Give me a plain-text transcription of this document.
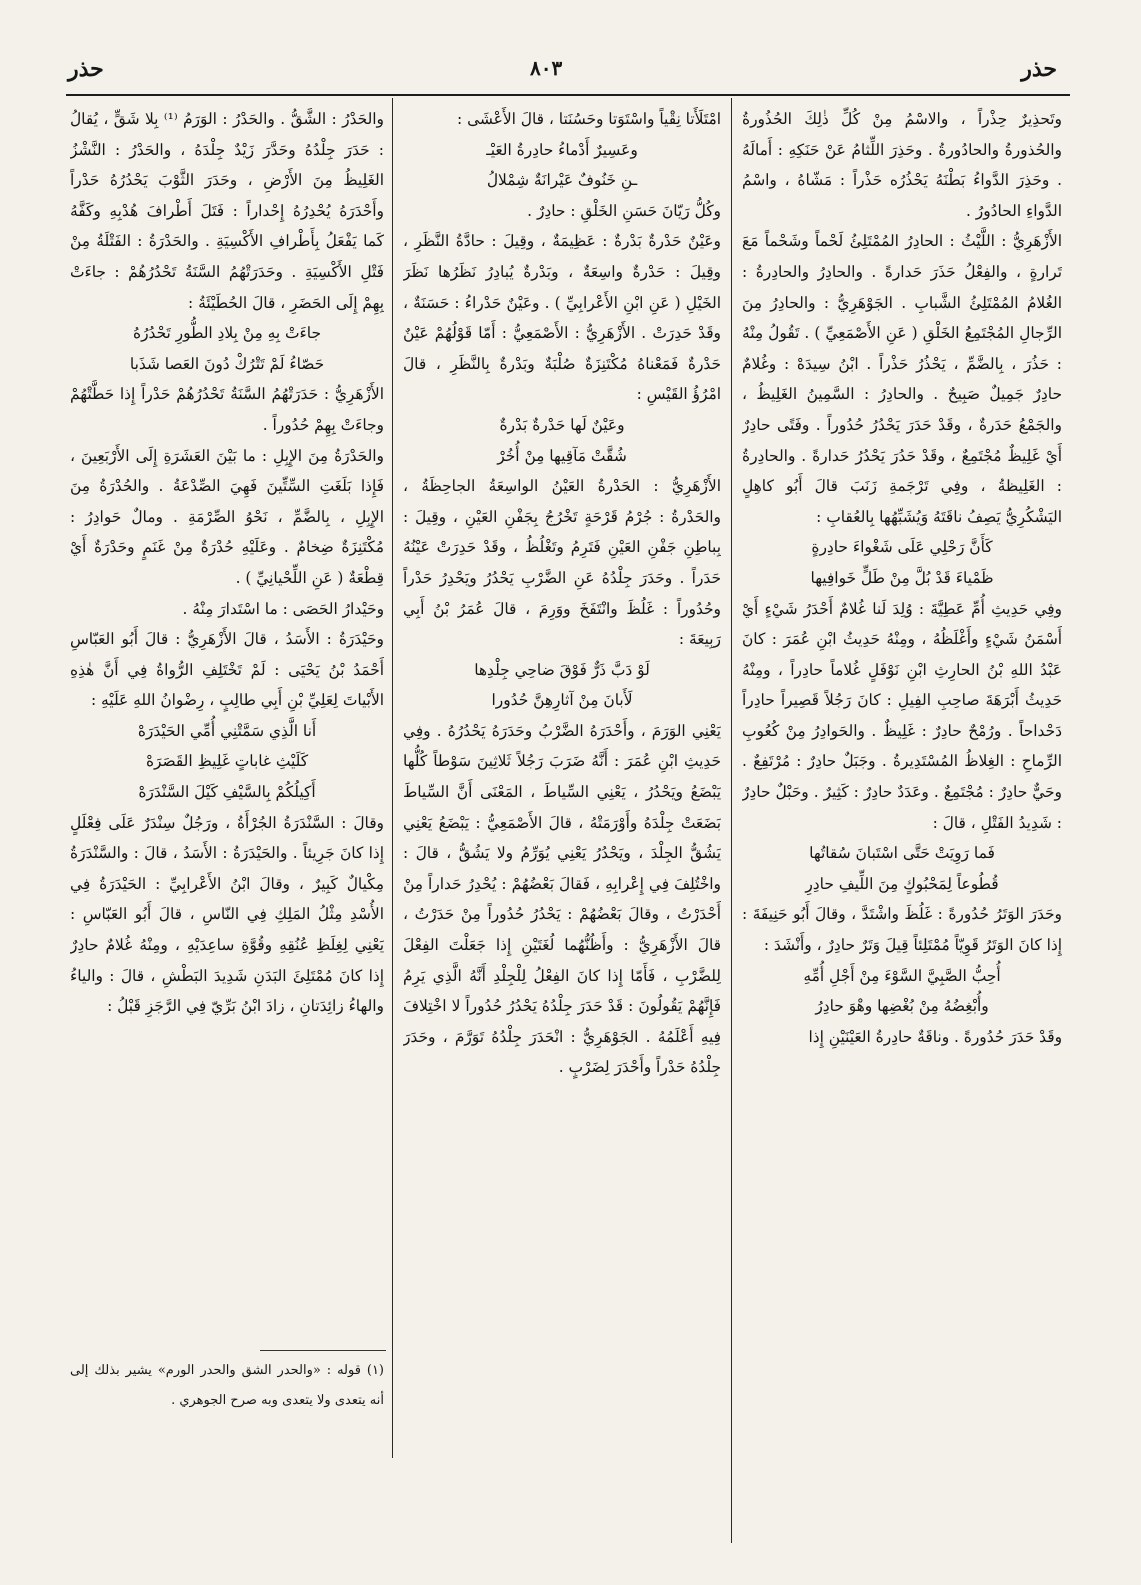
حذر
٨٠٣
حذر

وتَحذِيرٌ حِذْراً ، والاسْمُ مِنْ كُلِّ ذٰلِكَ الحُذُورةُ والحُذورةُ والحادُورةُ . وحَذِرَ اللِّثامُ عَنْ حَنَكِهِ : أَمالَهُ . وحَذِرَ الدَّواءُ بَطْنَهُ يَحْذُرُه حَذْراً : مَشّاهُ ، واسْمُ الدَّواءِ الحادُورُ .

الأَزْهَرِيُّ : اللَّيْثُ : الحادِرُ المُمْتَلِئُ لَحْماً وشَحْماً مَعَ تَرارةٍ ، والفِعْلُ حَذَرَ حَدارةً . والحادِرُ والحادِرةُ : الغُلامُ المُمْتَلِئُ الشَّبابِ . الجَوْهَرِيُّ : والحادِرُ مِنَ الرِّجالِ المُجْتَمِعُ الخَلْقِ ( عَنِ الأَصْمَعِيِّ ) . تَقُولُ مِنْهُ : حَذُرَ ، بِالضَّمِّ ، يَحْذُرُ حَذْراً . ابْنُ سِيدَهْ : وغُلامٌ حادِرٌ جَمِيلٌ صَبِيحٌ . والحادِرُ : السَّمِينُ الغَلِيظُ ، والجَمْعُ حَدَرةٌ ، وقَدْ حَدَرَ يَحْدُرُ حُدُوراً . وفَتًى حادِرٌ أَيْ غَلِيظٌ مُجْتَمِعٌ ، وقَدْ حَدُرَ يَحْدُرُ حَدارةً . والحادِرةُ : الغَلِيظةُ ، وفِي تَرْجَمةِ زَنَبَ قالَ أَبُو كاهِلٍ اليَشْكُرِيُّ يَصِفُ ناقَتَهُ وَيُشَبِّهُها بِالعُقابِ :

كَأَنَّ رَحْلِي عَلَى شَغْواءَ حادِرةٍ

ظَمْياءَ قَدْ بُلَّ مِنْ طَلٍّ خَوافِيها

وفِي حَدِيثِ أُمِّ عَطِيَّةَ : وُلِدَ لَنا غُلامٌ أَحْدَرُ شَيْءٍ أَيْ أَسْمَنُ شَيْءٍ وأَغْلَظُهُ ، ومِنْهُ حَدِيثُ ابْنِ عُمَرَ : كانَ عَبْدُ اللهِ بْنُ الحارِثِ ابْنِ نَوْفَلٍ غُلاماً حادِراً ، ومِنْهُ حَدِيثُ أَبْرَهَةَ صاحِبِ الفِيلِ : كانَ رَجُلاً قَصِيراً حادِراً دَحْداحاً . ورُمْحٌ حادِرٌ : غَلِيظٌ . والحَوادِرُ مِنْ كُعُوبِ الرِّماحِ : الغِلاظُ المُسْتَدِيرةُ . وجَبَلٌ حادِرٌ : مُرْتَفِعٌ . وحَيٌّ حادِرٌ : مُجْتَمِعٌ . وعَدَدٌ حادِرٌ : كَثِيرٌ . وحَبْلٌ حادِرٌ : شَدِيدُ الفَتْلِ ، قالَ :

فَما رَوِيَتْ حَتَّى اسْتَبانَ سُقاتُها

قُطُوعاً لِمَحْبُوكٍ مِنَ اللِّيفِ حادِرِ

وحَدَرَ الوَتَرُ حُدُورةً : غَلُظَ واشْتَدَّ ، وقالَ أَبُو حَنِيفَةَ : إِذا كانَ الوَتَرُ قَوِيّاً مُمْتَلِئاً قِيلَ وَتَرٌ حادِرٌ ، وأَنْشَدَ :

أُحِبُّ الصَّبِيَّ السَّوْءَ مِنْ أَجْلِ أُمِّهِ

وأُبْغِضُهُ مِنْ بُغْضِها وهْوَ حادِرُ

وقَدْ حَدَرَ حُدُورةً . وناقَةٌ حادِرةُ العَيْنَيْنِ إِذا

امْتَلَأَتا نِقْياً واسْتَوَتا وحَسُنَتا ، قالَ الأَعْشَى :

وعَسِيرٌ أَدْماءُ حادِرةُ العَيْـ

ـنِ خَنُوفٌ عَيْرانَةٌ شِمْلالُ

وكُلُّ رَيّانَ حَسَنِ الخَلْقِ : حادِرٌ .

وعَيْنٌ حَدْرةٌ بَدْرةٌ : عَظِيمَةٌ ، وقِيلَ : حادَّةُ النَّظَرِ ، وقِيلَ : حَدْرةٌ واسِعَةٌ ، وبَدْرةٌ يُبادِرُ نَظَرُها نَظَرَ الخَيْلِ ( عَنِ ابْنِ الأَعْرابِيِّ ) . وعَيْنٌ حَدْراءُ : حَسَنَةٌ ، وقَدْ حَدِرَتْ . الأَزْهَرِيُّ : الأَصْمَعِيُّ : أَمّا قَوْلُهُمْ عَيْنٌ حَدْرةٌ فَمَعْناهُ مُكْتَنِزَةٌ صُلْبَةٌ وبَدْرةٌ بِالنَّظَرِ ، قالَ امْرُؤُ القَيْسِ :

وعَيْنٌ لَها حَدْرةٌ بَدْرةٌ

شُقَّتْ مَآقِيها مِنْ أُخُرْ

الأَزْهَرِيُّ : الحَدْرةُ العَيْنُ الواسِعَةُ الجاحِظَةُ ، والحَدْرةُ : جُرْمُ قَرْحَةٍ تَخْرُجُ بِجَفْنِ العَيْنِ ، وقِيلَ : بِباطِنِ جَفْنِ العَيْنِ فَتَرِمُ وتَغْلُظُ ، وقَدْ حَدِرَتْ عَيْنُهُ حَدَراً . وحَدَرَ جِلْدُهُ عَنِ الضَّرْبِ يَحْدُرُ ويَحْدِرُ حَدْراً وحُدُوراً : غَلُظَ وانْتَفَخَ ووَرِمَ ، قالَ عُمَرُ بْنُ أَبِي رَبِيعَةَ :

لَوْ دَبَّ ذَرٌّ فَوْقَ ضاحِي جِلْدِها

لَأَبانَ مِنْ آثارِهِنَّ حُدُورا

يَعْنِي الوَرَمَ ، وأَحْدَرَهُ الضَّرْبُ وحَدَرَهُ يَحْدُرُهُ . وفِي حَدِيثِ ابْنِ عُمَرَ : أَنَّهُ ضَرَبَ رَجُلاً ثَلاثِينَ سَوْطاً كُلُّها يَبْضَعُ ويَحْدُرُ ، يَعْنِي السِّياطَ ، المَعْنَى أَنَّ السِّياطَ بَضَعَتْ جِلْدَهُ وأَوْرَمَتْهُ ، قالَ الأَصْمَعِيُّ : يَبْضَعُ يَعْنِي يَشُقُّ الجِلْدَ ، ويَحْدُرُ يَعْنِي يُوَرِّمُ ولا يَشُقُّ ، قالَ : واخْتُلِفَ فِي إِعْرابِهِ ، فَقالَ بَعْضُهُمْ : يُحْدِرُ حَداراً مِنْ أَحْدَرْتُ ، وقالَ بَعْضُهُمْ : يَحْدُرُ حُدُوراً مِنْ حَدَرْتُ ، قالَ الأَزْهَرِيُّ : وأَظُنُّهُما لُغَتَيْنِ إِذا جَعَلْتَ الفِعْلَ لِلضَّرْبِ ، فَأَمّا إِذا كانَ الفِعْلُ لِلْجِلْدِ أَنَّهُ الَّذِي يَرِمُ فَإِنَّهُمْ يَقُولُونَ : قَدْ حَدَرَ جِلْدُهُ يَحْدُرُ حُدُوراً لا اخْتِلافَ فِيهِ أَعْلَمُهُ . الجَوْهَرِيُّ : انْحَدَرَ جِلْدُهُ تَوَرَّمَ ، وحَدَرَ جِلْدُهُ حَدْراً وأَحْدَرَ لِضَرْبٍ .

والحَدْرُ : الشَّقُّ . والحَدْرُ : الوَرَمُ ⁽¹⁾ بِلا شَقٍّ ، يُقالُ : حَدَرَ جِلْدُهُ وحَدَّرَ زَيْدٌ جِلْدَهُ ، والحَدْرُ : النَّشْزُ الغَلِيظُ مِنَ الأَرْضِ ، وحَدَرَ الثَّوْبَ يَحْدُرُهُ حَدْراً وأَحْدَرَهُ يُحْدِرُهُ إِحْداراً : فَتَلَ أَطْرافَ هُدْبِهِ وكَفَّهُ كَما يَفْعَلُ بِأَطْرافِ الأَكْسِيَةِ . والحَدْرَةُ : الفَتْلَةُ مِنْ فَتْلِ الأَكْسِيَةِ . وحَدَرَتْهُمُ السَّنَةُ تَحْدُرُهُمْ : جاءَتْ بِهِمْ إِلَى الحَضَرِ ، قالَ الحُطَيْئَةُ :

جاءَتْ بِهِ مِنْ بِلادِ الطُّورِ تَحْدُرُهُ

حَصّاءُ لَمْ تَتْرُكْ دُونَ العَصا شَذَبا

الأَزْهَرِيُّ : حَدَرَتْهُمُ السَّنَةُ تَحْدُرُهُمْ حَدْراً إِذا حَطَّتْهُمْ وجاءَتْ بِهِمْ حُدُوراً .

والحَدْرَةُ مِنَ الإِبِلِ : ما بَيْنَ العَشَرَةِ إِلَى الأَرْبَعِينَ ، فَإِذا بَلَغَتِ السِّتِّينَ فَهِيَ الصِّدْعَةُ . والحُدْرَةُ مِنَ الإِبِلِ ، بِالضَّمِّ ، نَحْوُ الصِّرْمَةِ . ومالٌ حَوادِرُ : مُكْتَنِزَةٌ ضِخامٌ . وعَلَيْهِ حُدْرَةٌ مِنْ غَنَمٍ وحَدْرَةٌ أَيْ قِطْعَةٌ ( عَنِ اللِّحْيانِيِّ ) .

وحَيْدارُ الحَصَى : ما اسْتَدارَ مِنْهُ .

وحَيْدَرَةُ : الأَسَدُ ، قالَ الأَزْهَرِيُّ : قالَ أَبُو العَبّاسِ أَحْمَدُ بْنُ يَحْيَى : لَمْ تَخْتَلِفِ الرُّواةُ فِي أَنَّ هٰذِهِ الأَبْياتَ لِعَلِيِّ بْنِ أَبِي طالِبٍ ، رِضْوانُ اللهِ عَلَيْهِ :

أَنا الَّذِي سَمَّتْنِي أُمِّي الحَيْدَرَهْ

كَلَيْثِ غاباتٍ غَلِيظِ القَصَرَهْ

أَكِيلُكُمْ بِالسَّيْفِ كَيْلَ السَّنْدَرَهْ

وقالَ : السَّنْدَرَةُ الجُرْأَةُ ، ورَجُلٌ سِنْدَرٌ عَلَى فِعْلَلٍ إِذا كانَ جَرِيئاً . والحَيْدَرَةُ : الأَسَدُ ، قالَ : والسَّنْدَرَةُ مِكْيالٌ كَبِيرٌ ، وقالَ ابْنُ الأَعْرابِيِّ : الحَيْدَرَةُ فِي الأُسْدِ مِثْلُ المَلِكِ فِي النّاسِ ، قالَ أَبُو العَبّاسِ : يَعْنِي لِغِلَظِ عُنُقِهِ وقُوَّةِ ساعِدَيْهِ ، ومِنْهُ غُلامٌ حادِرٌ إِذا كانَ مُمْتَلِئَ البَدَنِ شَدِيدَ البَطْشِ ، قالَ : والياءُ والهاءُ زائِدَتانِ ، زادَ ابْنُ بَرِّيّ فِي الرَّجَزِ قَبْلُ :

(١) قوله : «والحدر الشق والحدر الورم» يشير بذلك إلى أنه يتعدى ولا يتعدى وبه صرح الجوهري .
